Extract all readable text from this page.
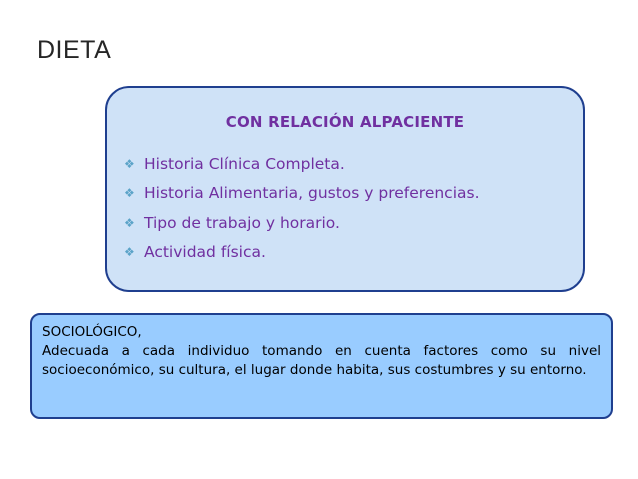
DIETA
CON RELACIÓN ALPACIENTE
❖ Historia Clínica Completa.
❖ Historia Alimentaria, gustos y preferencias.
❖ Tipo de trabajo y horario.
❖ Actividad física.

SOCIOLÓGICO,

Adecuada a cada individuo tomando en cuenta factores como su nivel socioeconómico, su cultura, el lugar donde habita, sus costumbres y su entorno.
